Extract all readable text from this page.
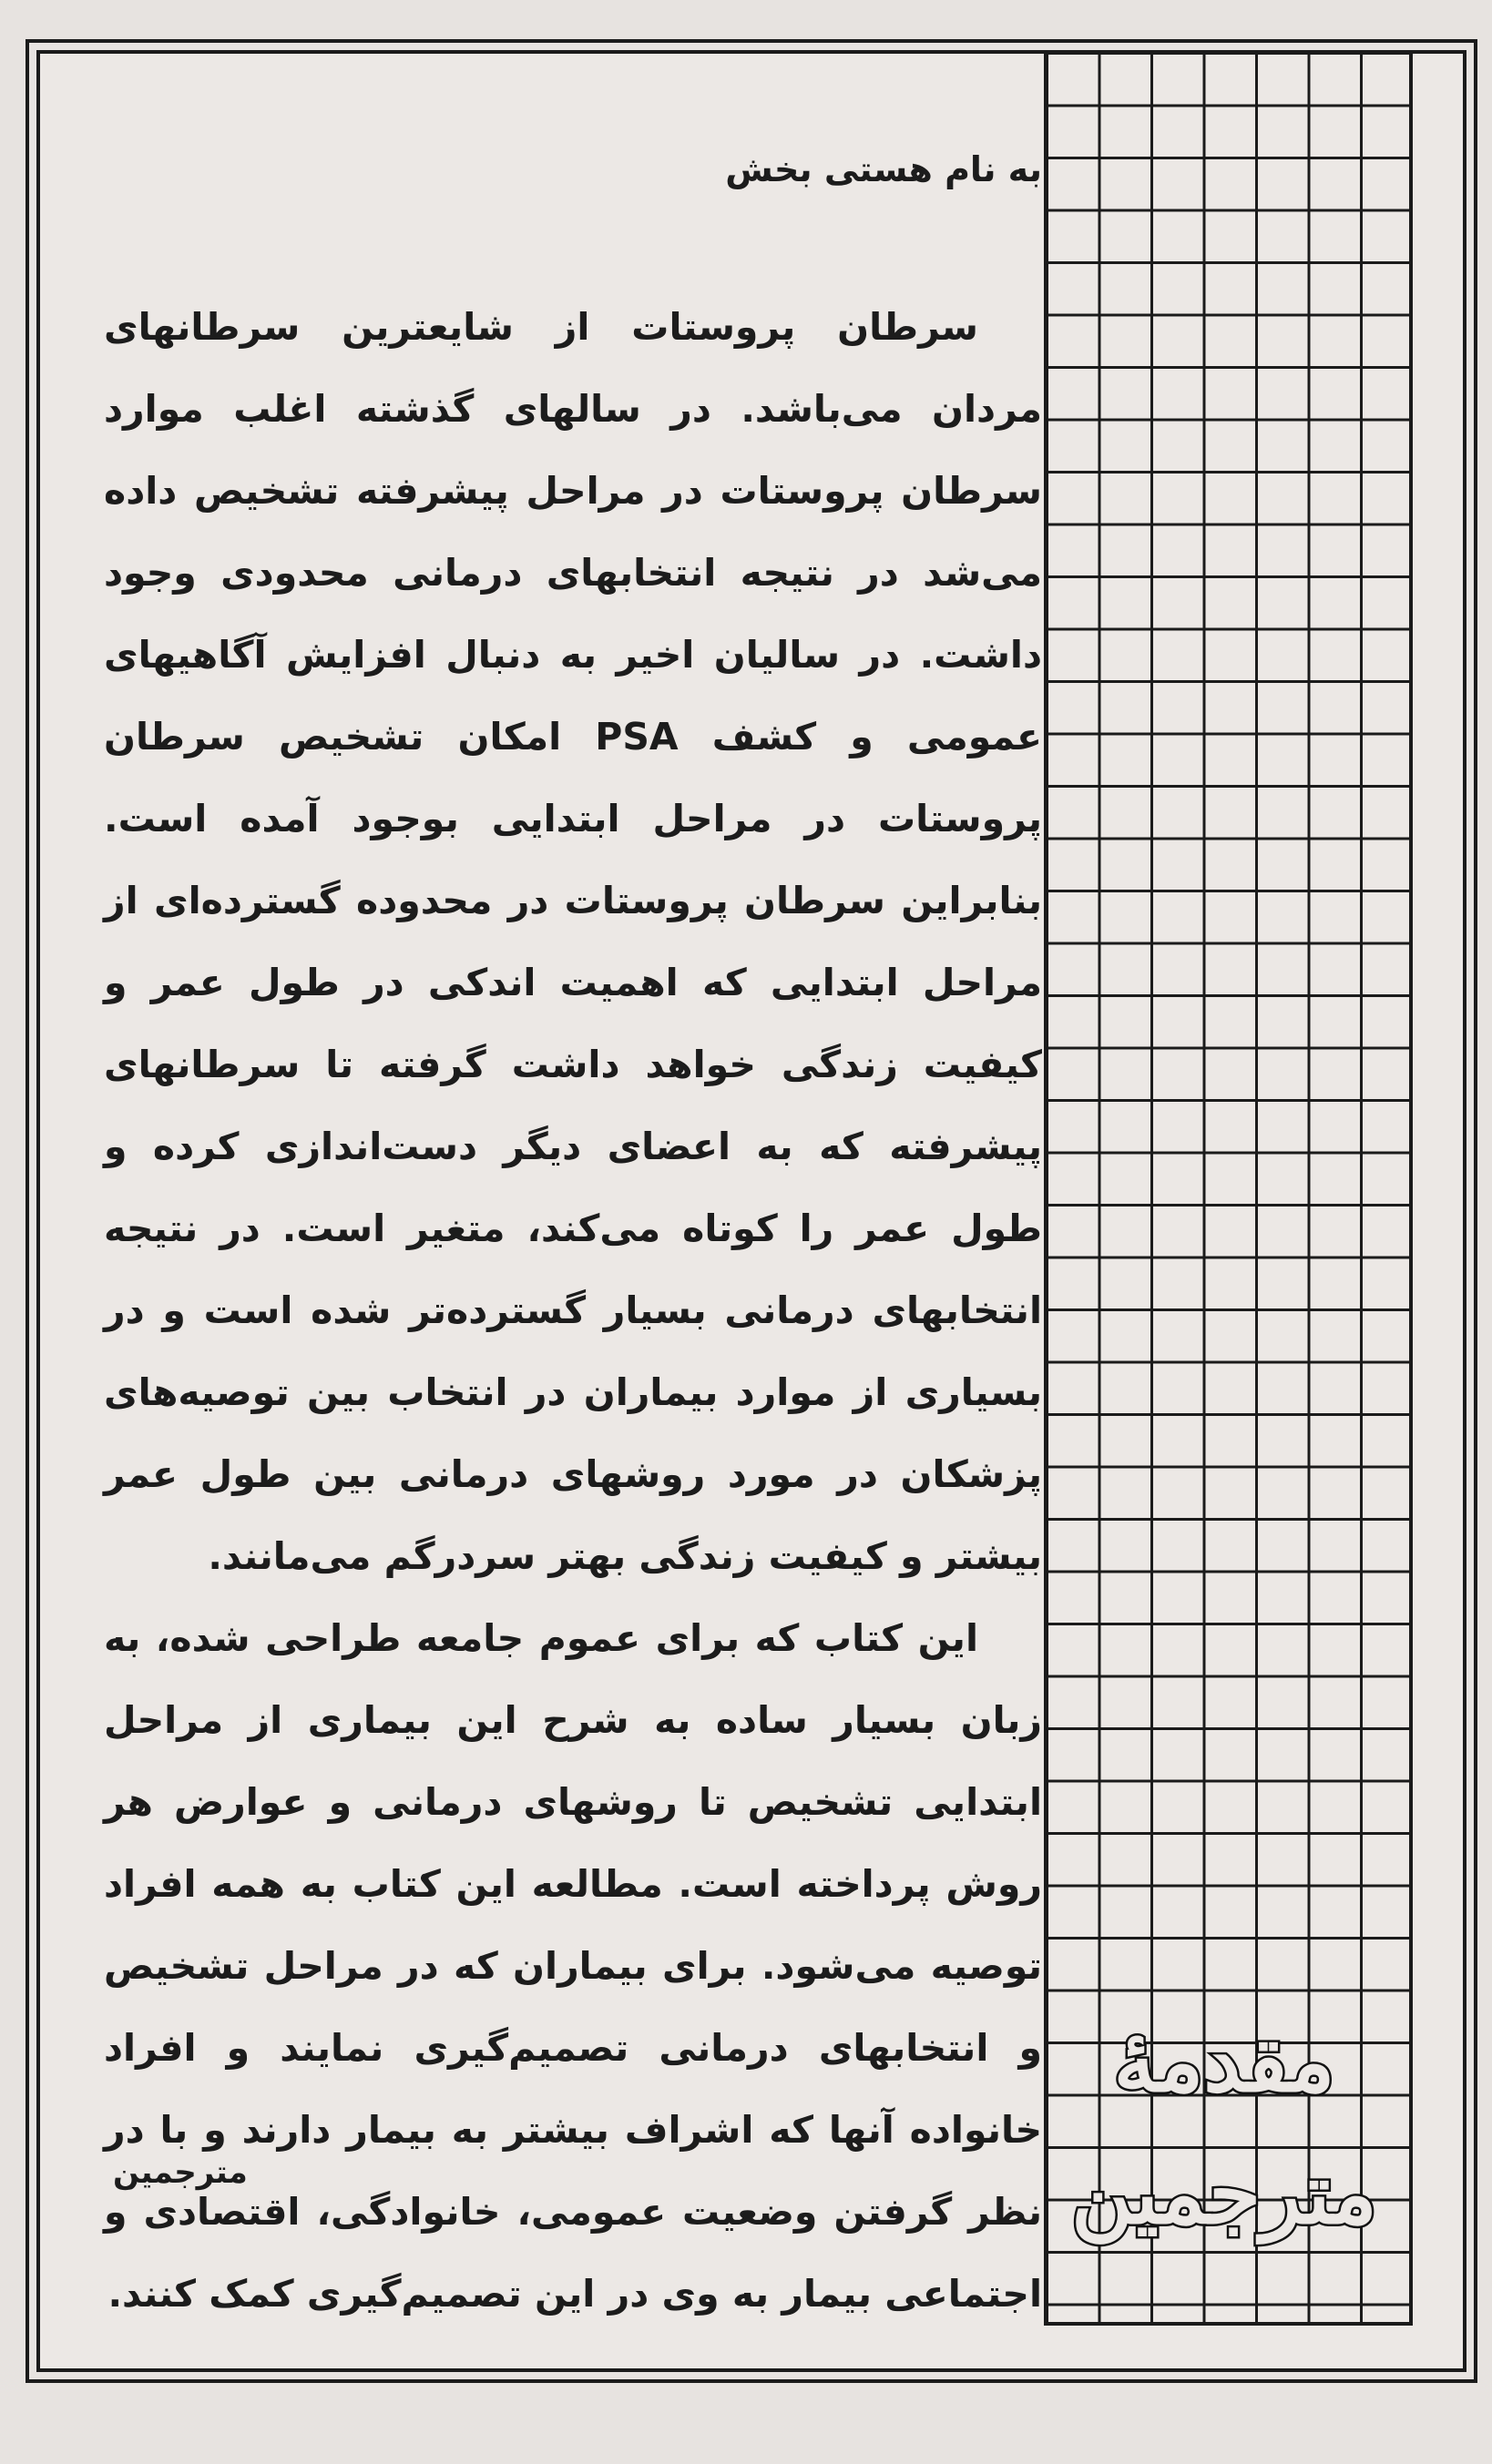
به نام هستی بخش

سرطان پروستات از شایعترین سرطانهای مردان می‌باشد. در سالهای گذشته اغلب موارد سرطان پروستات در مراحل پیشرفته تشخیص داده می‌شد در نتیجه انتخابهای درمانی محدودی وجود داشت. در سالیان اخیر به دنبال افزایش آگاهیهای عمومی و کشف PSA امکان تشخیص سرطان پروستات در مراحل ابتدایی بوجود آمده است. بنابراین سرطان پروستات در محدوده گسترده‌ای از مراحل ابتدایی که اهمیت اندکی در طول عمر و کیفیت زندگی خواهد داشت گرفته تا سرطانهای پیشرفته که به اعضای دیگر دست‌اندازی کرده و طول عمر را کوتاه می‌کند، متغیر است. در نتیجه انتخابهای درمانی بسیار گسترده‌تر شده است و در بسیاری از موارد بیماران در انتخاب بین توصیه‌های پزشکان در مورد روشهای درمانی بین طول عمر بیشتر و کیفیت زندگی بهتر سردرگم می‌مانند.

این کتاب که برای عموم جامعه طراحی شده، به زبان بسیار ساده به شرح این بیماری از مراحل ابتدایی تشخیص تا روشهای درمانی و عوارض هر روش پرداخته است. مطالعه این کتاب به همه افراد توصیه می‌شود. برای بیماران که در مراحل تشخیص و انتخابهای درمانی تصمیم‌گیری نمایند و افراد خانواده آنها که اشراف بیشتر به بیمار دارند و با در نظر گرفتن وضعیت عمومی، خانوادگی، اقتصادی و اجتماعی بیمار به وی در این تصمیم‌گیری کمک کنند.

مترجمین
مقدمهٔ
مترجمین
